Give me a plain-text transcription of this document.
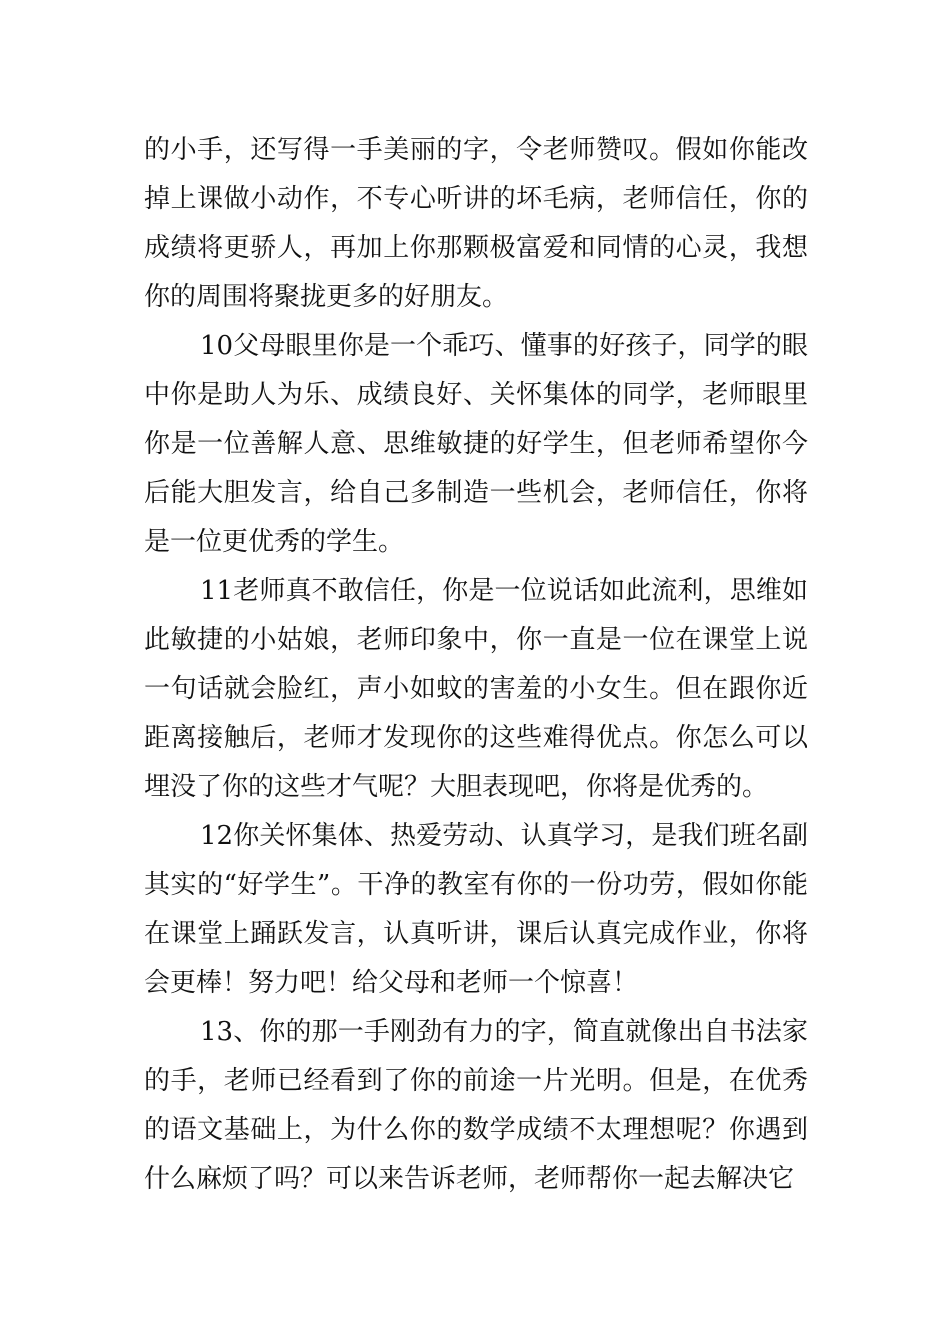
的小手，还写得一手美丽的字，令老师赞叹。假如你能改掉上课做小动作，不专心听讲的坏毛病，老师信任，你的成绩将更骄人，再加上你那颗极富爱和同情的心灵，我想你的周围将聚拢更多的好朋友。

10父母眼里你是一个乖巧、懂事的好孩子，同学的眼中你是助人为乐、成绩良好、关怀集体的同学，老师眼里你是一位善解人意、思维敏捷的好学生，但老师希望你今后能大胆发言，给自己多制造一些机会，老师信任，你将是一位更优秀的学生。

11老师真不敢信任，你是一位说话如此流利，思维如此敏捷的小姑娘，老师印象中，你一直是一位在课堂上说一句话就会脸红，声小如蚊的害羞的小女生。但在跟你近距离接触后，老师才发现你的这些难得优点。你怎么可以埋没了你的这些才气呢？大胆表现吧，你将是优秀的。

12你关怀集体、热爱劳动、认真学习，是我们班名副其实的“好学生”。干净的教室有你的一份功劳，假如你能在课堂上踊跃发言，认真听讲，课后认真完成作业，你将会更棒！努力吧！给父母和老师一个惊喜！

13、你的那一手刚劲有力的字，简直就像出自书法家的手，老师已经看到了你的前途一片光明。但是，在优秀的语文基础上，为什么你的数学成绩不太理想呢？你遇到什么麻烦了吗？可以来告诉老师，老师帮你一起去解决它
